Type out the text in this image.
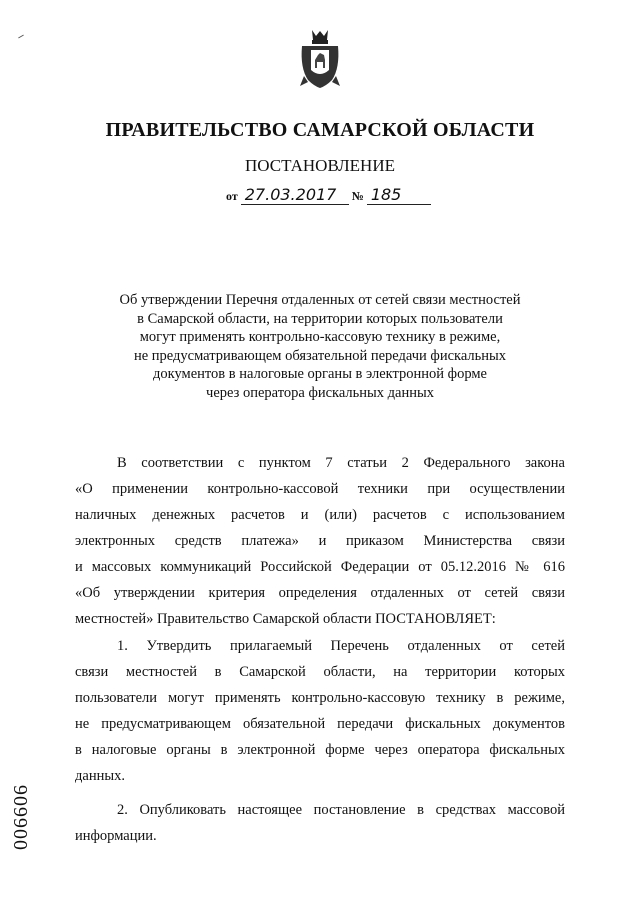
ПРАВИТЕЛЬСТВО САМАРСКОЙ ОБЛАСТИ
ПОСТАНОВЛЕНИЕ
от 27.03.2017 № 185
Об утверждении Перечня отдаленных от сетей связи местностей
в Самарской области, на территории которых пользователи
могут применять контрольно-кассовую технику в режиме,
не предусматривающем обязательной передачи фискальных
документов в налоговые органы в электронной форме
через оператора фискальных данных
В соответствии с пунктом 7 статьи 2 Федерального закона
«О применении контрольно-кассовой техники при осуществлении
наличных денежных расчетов и (или) расчетов с использованием
электронных средств платежа» и приказом Министерства связи
и массовых коммуникаций Российской Федерации от 05.12.2016 № 616
«Об утверждении критерия определения отдаленных от сетей связи
местностей» Правительство Самарской области ПОСТАНОВЛЯЕТ:
1. Утвердить прилагаемый Перечень отдаленных от сетей
связи местностей в Самарской области, на территории которых
пользователи могут применять контрольно-кассовую технику в режиме,
не предусматривающем обязательной передачи фискальных документов
в налоговые органы в электронной форме через оператора фискальных
данных.
2. Опубликовать настоящее постановление в средствах массовой
информации.
006606
